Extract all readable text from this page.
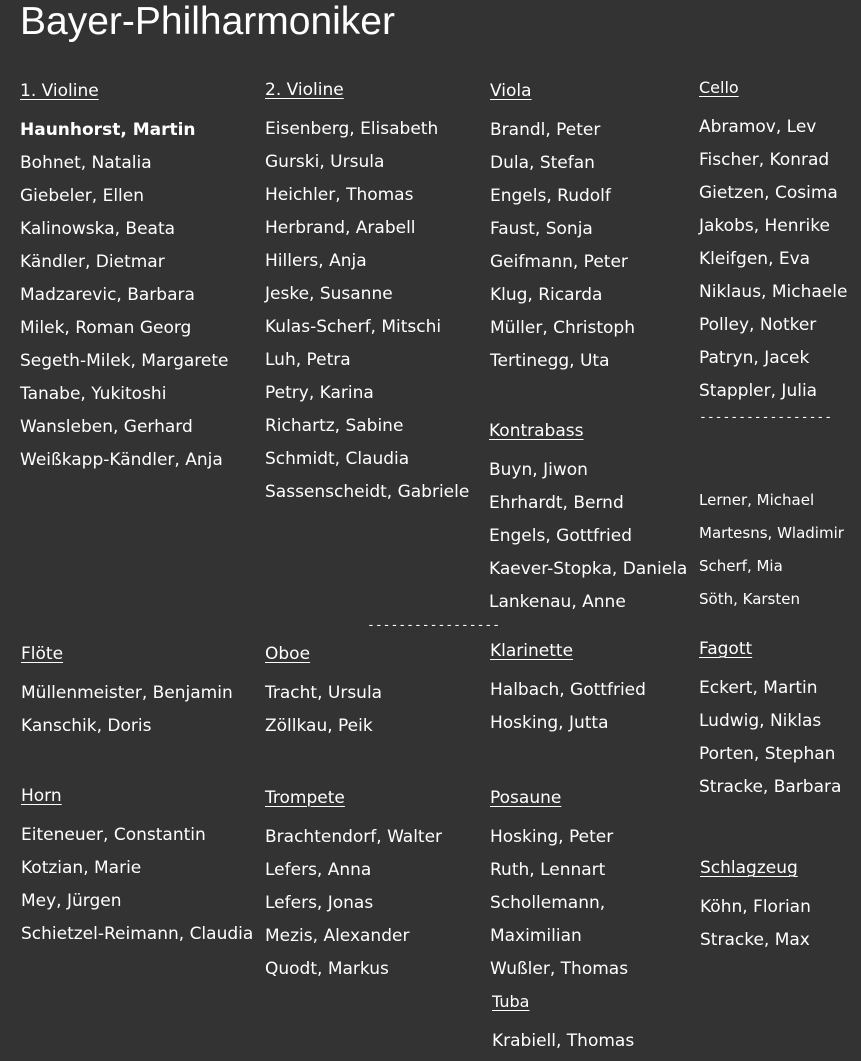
Bayer-Philharmoniker
1. Violine
Haunhorst, Martin
Bohnet, Natalia
Giebeler, Ellen
Kalinowska, Beata
Kändler, Dietmar
Madzarevic, Barbara
Milek, Roman Georg
Segeth-Milek, Margarete
Tanabe, Yukitoshi
Wansleben, Gerhard
Weißkapp-Kändler, Anja
2. Violine
Eisenberg, Elisabeth
Gurski, Ursula
Heichler, Thomas
Herbrand, Arabell
Hillers, Anja
Jeske, Susanne
Kulas-Scherf, Mitschi
Luh, Petra
Petry, Karina
Richartz, Sabine
Schmidt, Claudia
Sassenscheidt, Gabriele
Viola
Brandl, Peter
Dula, Stefan
Engels, Rudolf
Faust, Sonja
Geifmann, Peter
Klug, Ricarda
Müller, Christoph
Tertinegg, Uta
Cello
Abramov, Lev
Fischer, Konrad
Gietzen, Cosima
Jakobs, Henrike
Kleifgen, Eva
Niklaus, Michaele
Polley, Notker
Patryn, Jacek
Stappler, Julia
-----------------
Lerner, Michael
Martesns, Wladimir
Scherf, Mia
Söth, Karsten
Kontrabass
Buyn, Jiwon
Ehrhardt, Bernd
Engels, Gottfried
Kaever-Stopka, Daniela
Lankenau, Anne
-----------------
Flöte
Müllenmeister, Benjamin
Kanschik, Doris
Oboe
Tracht, Ursula
Zöllkau, Peik
Klarinette
Halbach, Gottfried
Hosking, Jutta
Fagott
Eckert, Martin
Ludwig, Niklas
Porten, Stephan
Stracke, Barbara
Horn
Eiteneuer, Constantin
Kotzian, Marie
Mey, Jürgen
Schietzel-Reimann, Claudia
Trompete
Brachtendorf, Walter
Lefers, Anna
Lefers, Jonas
Mezis, Alexander
Quodt, Markus
Posaune
Hosking, Peter
Ruth, Lennart
Schollemann,
Maximilian
Wußler, Thomas
Tuba
Krabiell, Thomas
Schlagzeug
Köhn, Florian
Stracke, Max
